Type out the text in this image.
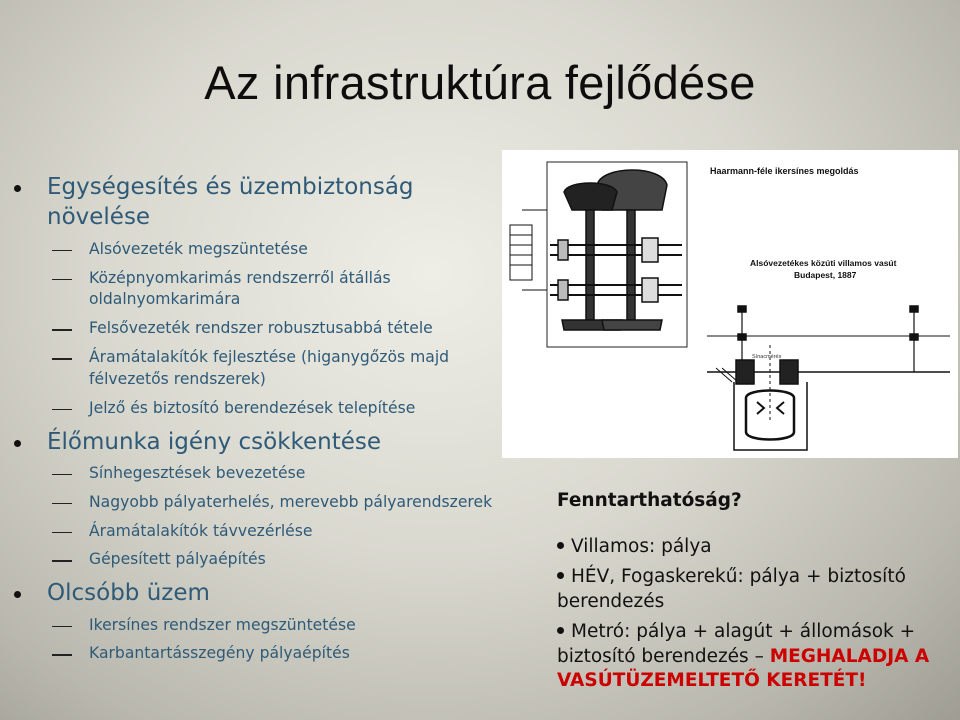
Az infrastruktúra fejlődése
Egységesítés és üzembiztonság növelése
Alsóvezeték megszüntetése
Középnyomkarimás rendszerről átállás oldalnyomkarimára
Felsővezeték rendszer robusztusabbá tétele
Áramátalakítók fejlesztése (higanygőzös majd félvezetős rendszerek)
Jelző és biztosító berendezések telepítése
Élőmunka igény csökkentése
Sínhegesztések bevezetése
Nagyobb pályaterhelés, merevebb pályarendszerek
Áramátalakítók távvezérlése
Gépesített pályaépítés
Olcsóbb üzem
Ikersínes rendszer megszüntetése
Karbantartásszegény pályaépítés
Haarmann-féle ikersínes megoldás
Alsóvezetékes közúti villamos vasút
Budapest, 1887
Sínacmérés
Fenntarthatóság?
Villamos: pálya
HÉV, Fogaskerekű: pálya + biztosító berendezés
Metró: pálya + alagút + állomások + biztosító berendezés – MEGHALADJA A VASÚTÜZEMELTETŐ KERETÉT!
